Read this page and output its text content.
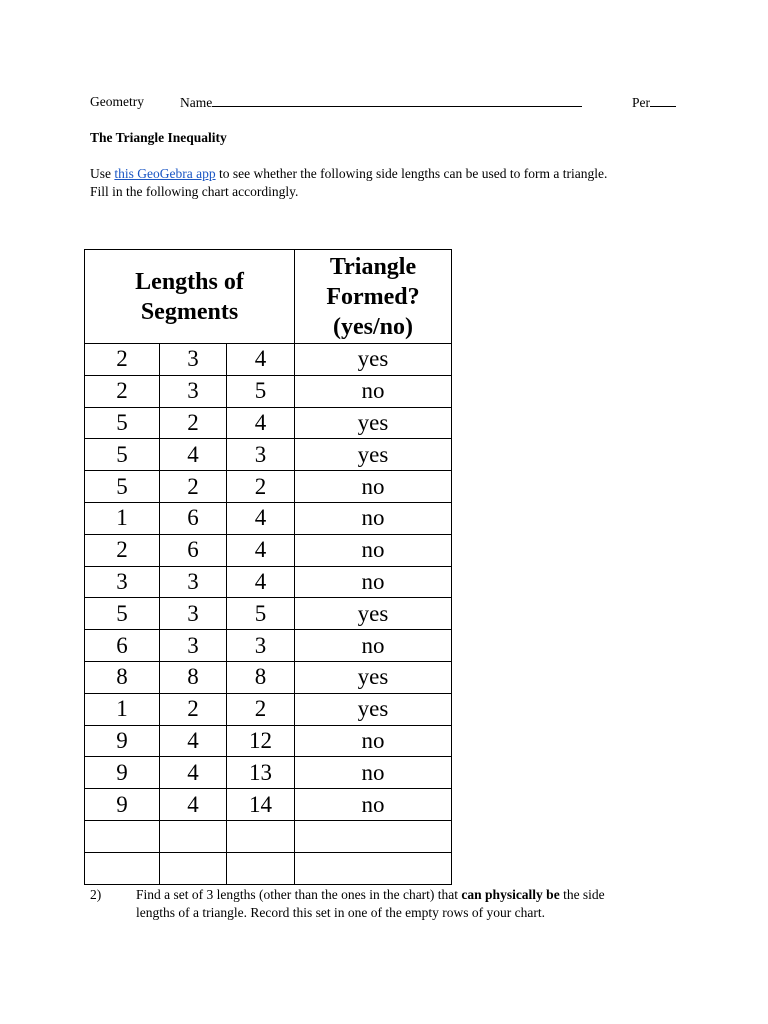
Geometry	Name	Per
The Triangle Inequality
Use this GeoGebra app to see whether the following side lengths can be used to form a triangle.
Fill in the following chart accordingly.
Lengths of
Segments			Triangle
Formed?
(yes/no)
2	3	4	yes
2	3	5	no
5	2	4	yes
5	4	3	yes
5	2	2	no
1	6	4	no
2	6	4	no
3	3	4	no
5	3	5	yes
6	3	3	no
8	8	8	yes
1	2	2	yes
9	4	12	no
9	4	13	no
9	4	14	no

2)	Find a set of 3 lengths (other than the ones in the chart) that can physically be the side
lengths of a triangle. Record this set in one of the empty rows of your chart.
